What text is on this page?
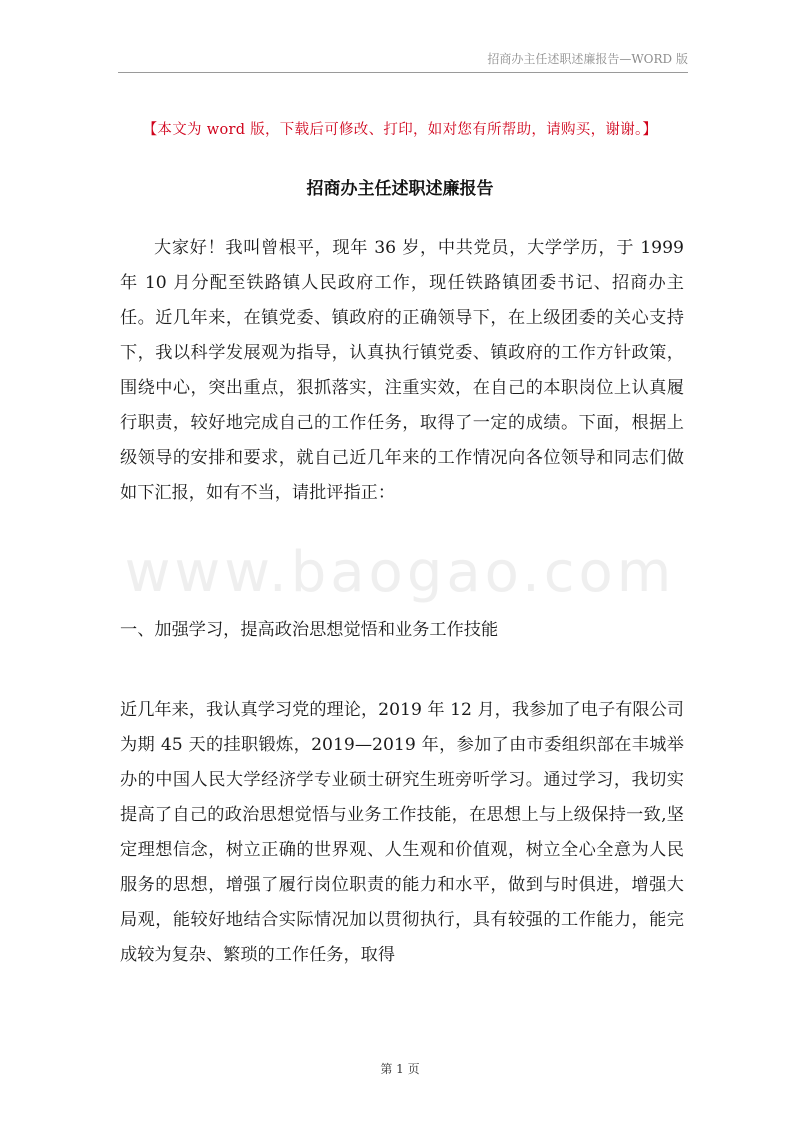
招商办主任述职述廉报告—WORD 版
【本文为 word 版，下载后可修改、打印，如对您有所帮助，请购买，谢谢。】
招商办主任述职述廉报告
大家好！我叫曾根平，现年 36 岁，中共党员，大学学历，于 1999 年 10 月分配至铁路镇人民政府工作，现任铁路镇团委书记、招商办主任。近几年来，在镇党委、镇政府的正确领导下，在上级团委的关心支持下，我以科学发展观为指导，认真执行镇党委、镇政府的工作方针政策，围绕中心，突出重点，狠抓落实，注重实效，在自己的本职岗位上认真履行职责，较好地完成自己的工作任务，取得了一定的成绩。下面，根据上级领导的安排和要求，就自己近几年来的工作情况向各位领导和同志们做如下汇报，如有不当，请批评指正：
www.baogao.com
一、加强学习，提高政治思想觉悟和业务工作技能
近几年来，我认真学习党的理论，2019 年 12 月，我参加了电子有限公司为期 45 天的挂职锻炼，2019—2019 年，参加了由市委组织部在丰城举办的中国人民大学经济学专业硕士研究生班旁听学习。通过学习，我切实提高了自己的政治思想觉悟与业务工作技能，在思想上与上级保持一致,坚定理想信念，树立正确的世界观、人生观和价值观，树立全心全意为人民服务的思想，增强了履行岗位职责的能力和水平，做到与时俱进，增强大局观，能较好地结合实际情况加以贯彻执行，具有较强的工作能力，能完成较为复杂、繁琐的工作任务，取得
第 1 页
